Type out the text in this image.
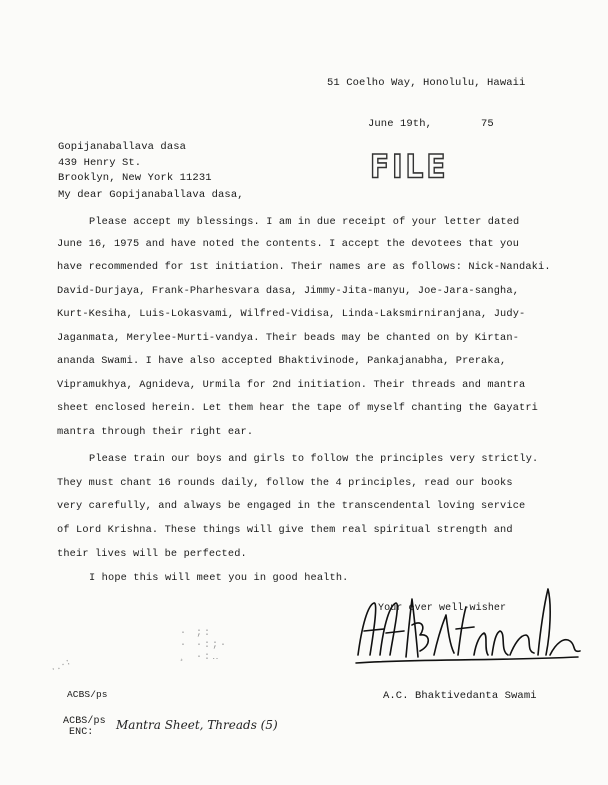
51 Coelho Way, Honolulu, Hawaii
June 19th,	75
Gopijanaballava dasa
439 Henry St.
Brooklyn, New York 11231	FILE
My dear Gopijanaballava dasa,
Please accept my blessings. I am in due receipt of your letter dated
June 16, 1975 and have noted the contents. I accept the devotees that you
have recommended for 1st initiation. Their names are as follows: Nick-Nandaki.
David-Durjaya, Frank-Pharhesvara dasa, Jimmy-Jita-manyu, Joe-Jara-sangha,
Kurt-Kesiha, Luis-Lokasvami, Wilfred-Vidisa, Linda-Laksmirniranjana, Judy-
Jaganmata, Merylee-Murti-vandya. Their beads may be chanted on by Kirtan-
ananda Swami. I have also accepted Bhaktivinode, Pankajanabha, Preraka,
Vipramukhya, Agnideva, Urmila for 2nd initiation. Their threads and mantra
sheet enclosed herein. Let them hear the tape of myself chanting the Gayatri
mantra through their right ear.
Please train our boys and girls to follow the principles very strictly.
They must chant 16 rounds daily, follow the 4 principles, read our books
very carefully, and always be engaged in the transcendental loving service
of Lord Krishna. These things will give them real spiritual strength and
their lives will be perfected.
I hope this will meet you in good health.
Your ever well-wisher
· ;:
· ·:;·
¸ ·:‥
A.C. Bhaktivedanta Swami
·.·:
ACBS/ps
ACBS/ps
ENC:
Mantra Sheet, Threads (5)
